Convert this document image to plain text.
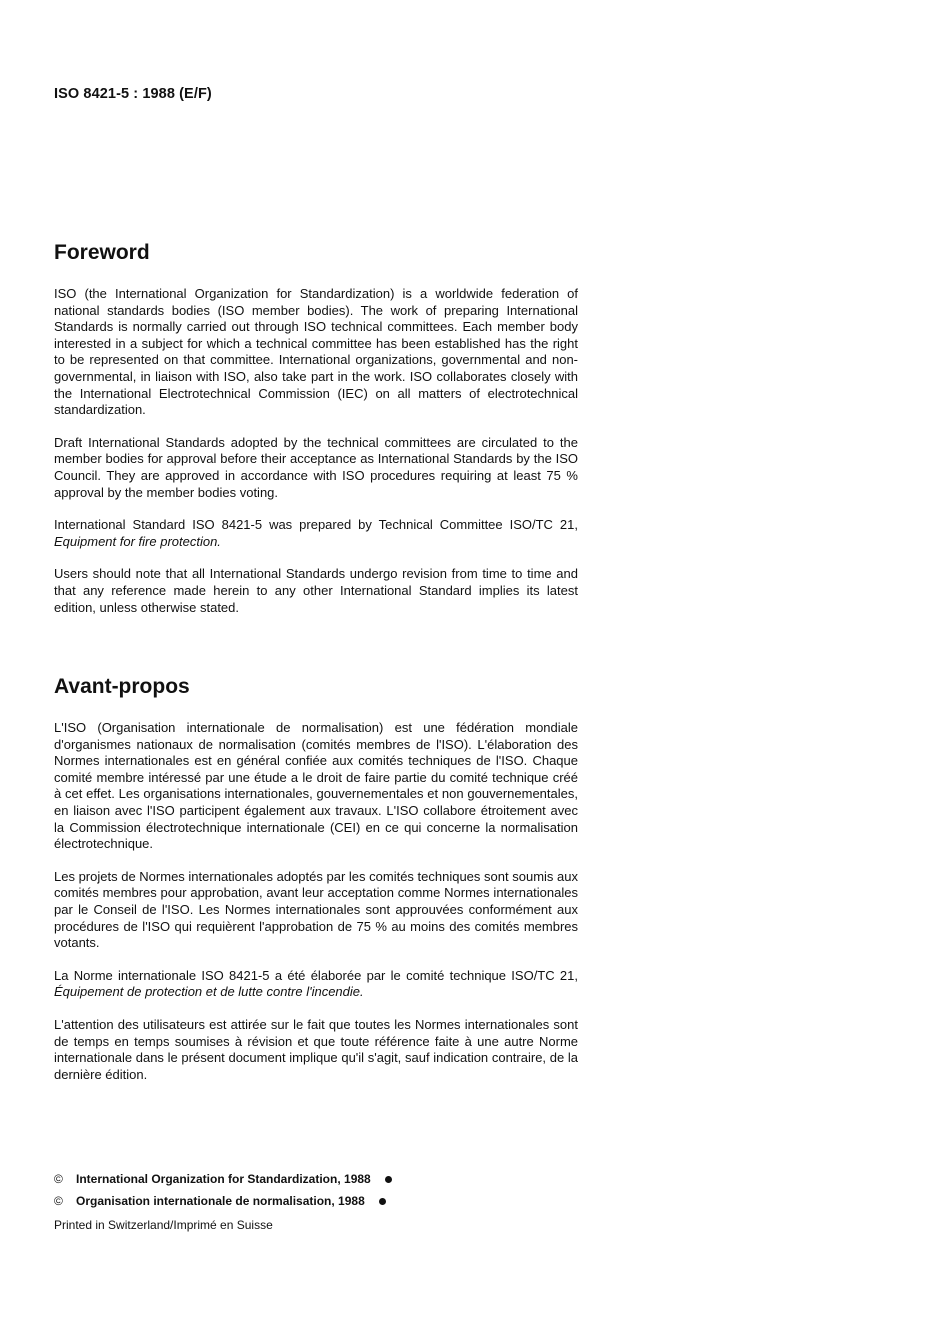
ISO 8421-5 : 1988 (E/F)
Foreword

ISO (the International Organization for Standardization) is a worldwide federation of national standards bodies (ISO member bodies). The work of preparing International Standards is normally carried out through ISO technical committees. Each member body interested in a subject for which a technical committee has been established has the right to be represented on that committee. International organizations, governmental and non-governmental, in liaison with ISO, also take part in the work. ISO collaborates closely with the International Electrotechnical Commission (IEC) on all matters of electrotechnical standardization.

Draft International Standards adopted by the technical committees are circulated to the member bodies for approval before their acceptance as International Standards by the ISO Council. They are approved in accordance with ISO procedures requiring at least 75 % approval by the member bodies voting.

International Standard ISO 8421-5 was prepared by Technical Committee ISO/TC 21, Equipment for fire protection.

Users should note that all International Standards undergo revision from time to time and that any reference made herein to any other International Standard implies its latest edition, unless otherwise stated.

Avant-propos

L'ISO (Organisation internationale de normalisation) est une fédération mondiale d'organismes nationaux de normalisation (comités membres de l'ISO). L'élaboration des Normes internationales est en général confiée aux comités techniques de l'ISO. Chaque comité membre intéressé par une étude a le droit de faire partie du comité technique créé à cet effet. Les organisations internationales, gouvernementales et non gouvernementales, en liaison avec l'ISO participent également aux travaux. L'ISO collabore étroitement avec la Commission électrotechnique internationale (CEI) en ce qui concerne la normalisation électrotechnique.

Les projets de Normes internationales adoptés par les comités techniques sont soumis aux comités membres pour approbation, avant leur acceptation comme Normes internationales par le Conseil de l'ISO. Les Normes internationales sont approuvées conformément aux procédures de l'ISO qui requièrent l'approbation de 75 % au moins des comités membres votants.

La Norme internationale ISO 8421-5 a été élaborée par le comité technique ISO/TC 21, Équipement de protection et de lutte contre l'incendie.

L'attention des utilisateurs est attirée sur le fait que toutes les Normes internationales sont de temps en temps soumises à révision et que toute référence faite à une autre Norme internationale dans le présent document implique qu'il s'agit, sauf indication contraire, de la dernière édition.

©	International Organization for Standardization, 1988
©	Organisation internationale de normalisation, 1988
Printed in Switzerland/Imprimé en Suisse
